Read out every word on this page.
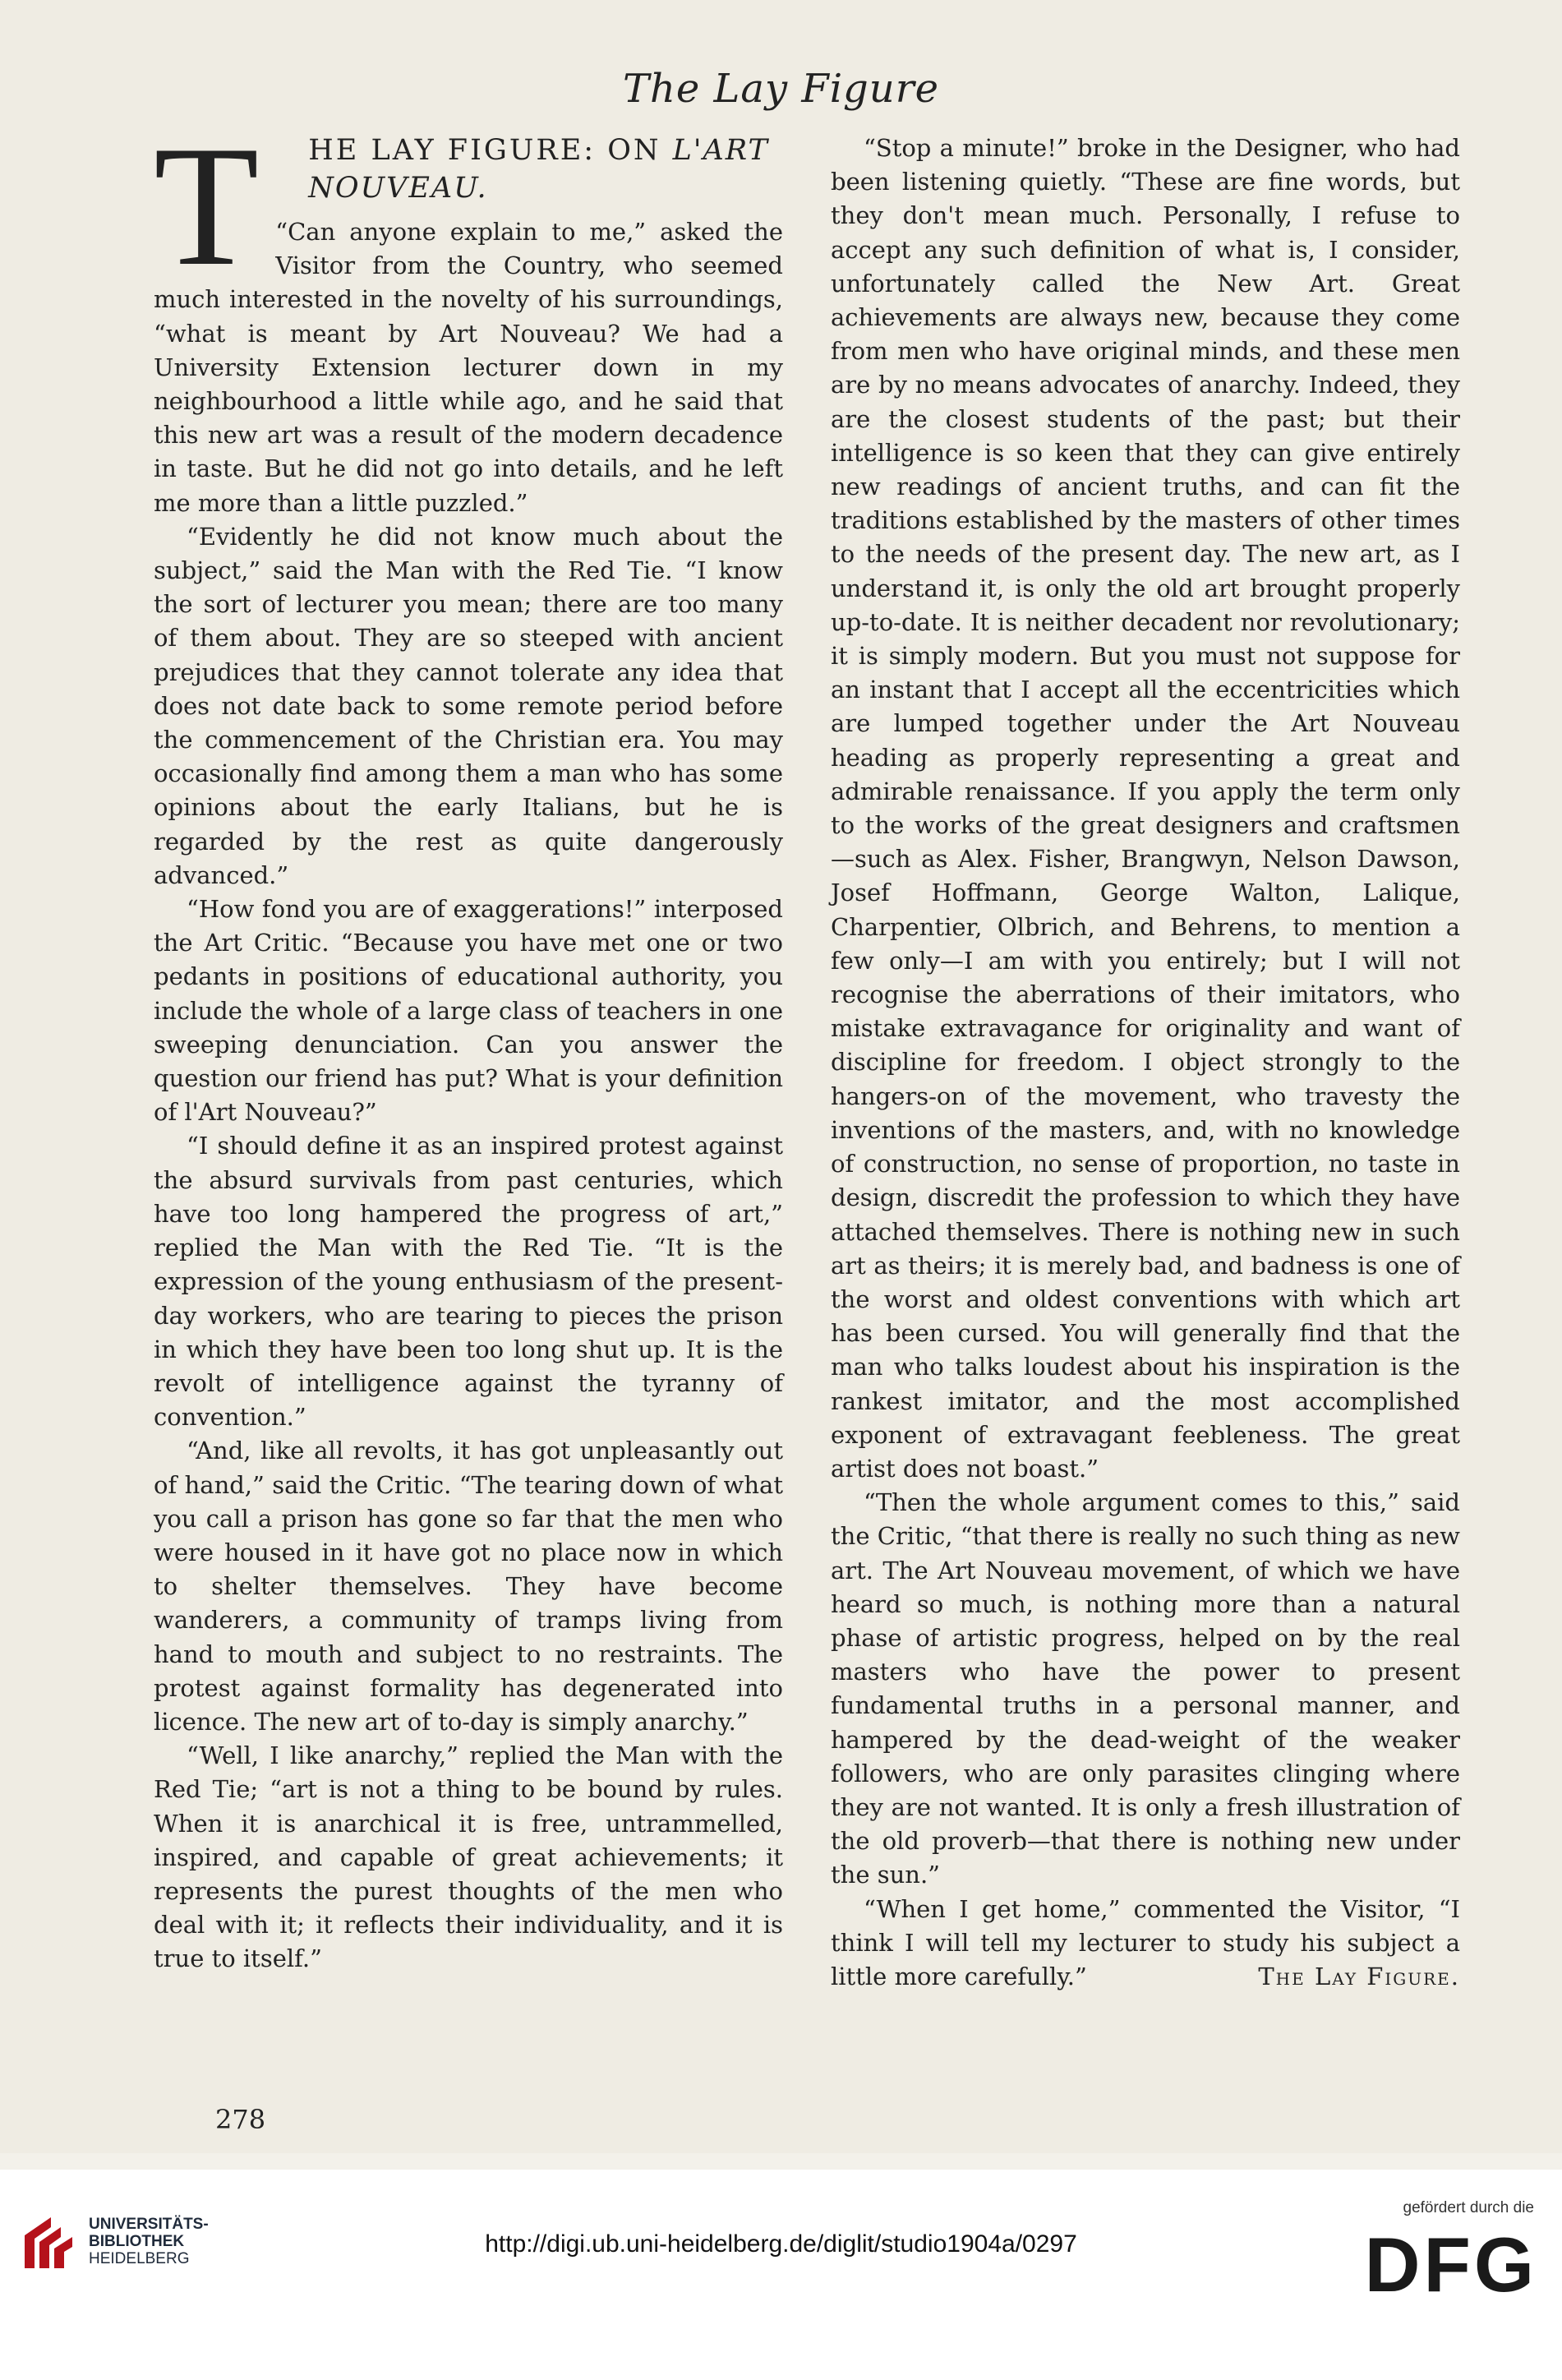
The Lay Figure
T	HE LAY FIGURE: ON L'ART

NOUVEAU.

“Can anyone explain to me,” asked the Visitor from the Country, who seemed much interested in the novelty of his surroundings, “what is meant by Art Nouveau? We had a University Extension lecturer down in my neighbourhood a little while ago, and he said that this new art was a result of the modern decadence in taste. But he did not go into details, and he left me more than a little puzzled.”

“Evidently he did not know much about the subject,” said the Man with the Red Tie. “I know the sort of lecturer you mean; there are too many of them about. They are so steeped with ancient prejudices that they cannot tolerate any idea that does not date back to some remote period before the commencement of the Christian era. You may occasionally find among them a man who has some opinions about the early Italians, but he is regarded by the rest as quite dangerously advanced.”

“How fond you are of exaggerations!” interposed the Art Critic. “Because you have met one or two pedants in positions of educational authority, you include the whole of a large class of teachers in one sweeping denunciation. Can you answer the question our friend has put? What is your definition of l'Art Nouveau?”

“I should define it as an inspired protest against the absurd survivals from past centuries, which have too long hampered the progress of art,” replied the Man with the Red Tie. “It is the expression of the young enthusiasm of the present-day workers, who are tearing to pieces the prison in which they have been too long shut up. It is the revolt of intelligence against the tyranny of convention.”

“And, like all revolts, it has got unpleasantly out of hand,” said the Critic. “The tearing down of what you call a prison has gone so far that the men who were housed in it have got no place now in which to shelter themselves. They have become wanderers, a community of tramps living from hand to mouth and subject to no restraints. The protest against formality has degenerated into licence. The new art of to-day is simply anarchy.”

“Well, I like anarchy,” replied the Man with the Red Tie; “art is not a thing to be bound by rules. When it is anarchical it is free, untrammelled, inspired, and capable of great achievements; it represents the purest thoughts of the men who deal with it; it reflects their individuality, and it is true to itself.”

“Stop a minute!” broke in the Designer, who had been listening quietly. “These are fine words, but they don't mean much. Personally, I refuse to accept any such definition of what is, I consider, unfortunately called the New Art. Great achievements are always new, because they come from men who have original minds, and these men are by no means advocates of anarchy. Indeed, they are the closest students of the past; but their intelligence is so keen that they can give entirely new readings of ancient truths, and can fit the traditions established by the masters of other times to the needs of the present day. The new art, as I understand it, is only the old art brought properly up-to-date. It is neither decadent nor revolutionary; it is simply modern. But you must not suppose for an instant that I accept all the eccentricities which are lumped together under the Art Nouveau heading as properly representing a great and admirable renaissance. If you apply the term only to the works of the great designers and craftsmen—such as Alex. Fisher, Brangwyn, Nelson Dawson, Josef Hoffmann, George Walton, Lalique, Charpentier, Olbrich, and Behrens, to mention a few only—I am with you entirely; but I will not recognise the aberrations of their imitators, who mistake extravagance for originality and want of discipline for freedom. I object strongly to the hangers-on of the movement, who travesty the inventions of the masters, and, with no knowledge of construction, no sense of proportion, no taste in design, discredit the profession to which they have attached themselves. There is nothing new in such art as theirs; it is merely bad, and badness is one of the worst and oldest conventions with which art has been cursed. You will generally find that the man who talks loudest about his inspiration is the rankest imitator, and the most accomplished exponent of extravagant feebleness. The great artist does not boast.”

“Then the whole argument comes to this,” said the Critic, “that there is really no such thing as new art. The Art Nouveau movement, of which we have heard so much, is nothing more than a natural phase of artistic progress, helped on by the real masters who have the power to present fundamental truths in a personal manner, and hampered by the dead-weight of the weaker followers, who are only parasites clinging where they are not wanted. It is only a fresh illustration of the old proverb—that there is nothing new under the sun.”

“When I get home,” commented the Visitor, “I think I will tell my lecturer to study his subject a little more carefully.”	The Lay Figure.

278
UNIVERSITÄTS-
BIBLIOTHEK
HEIDELBERG
http://digi.ub.uni-heidelberg.de/diglit/studio1904a/0297
gefördert durch die
DFG
